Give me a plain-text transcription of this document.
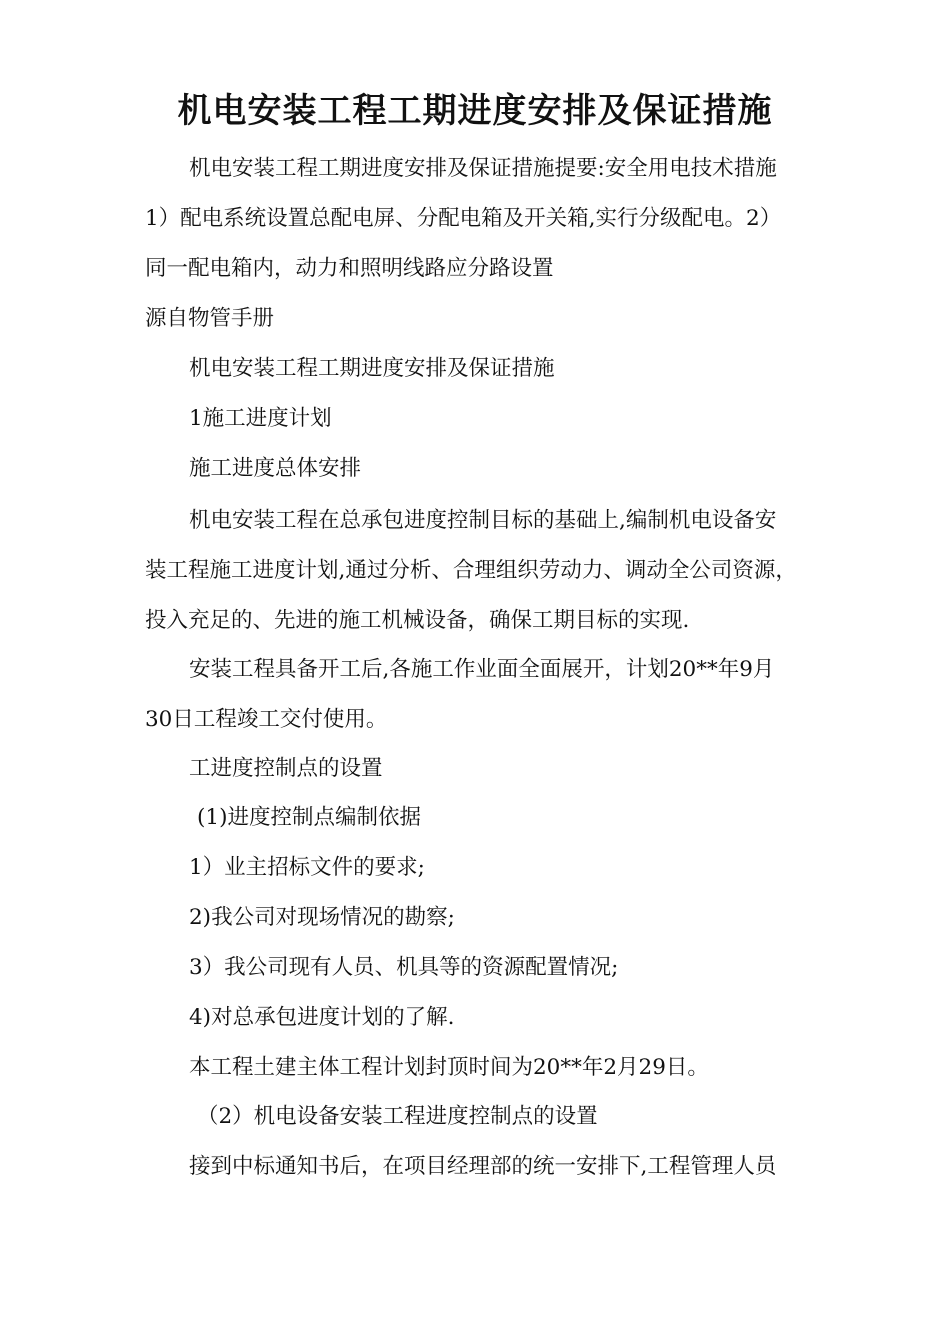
机电安装工程工期进度安排及保证措施

机电安装工程工期进度安排及保证措施提要:安全用电技术措施

1）配电系统设置总配电屏、分配电箱及开关箱,实行分级配电。2）

同一配电箱内，动力和照明线路应分路设置

源自物管手册

机电安装工程工期进度安排及保证措施

1施工进度计划

施工进度总体安排

机电安装工程在总承包进度控制目标的基础上,编制机电设备安

装工程施工进度计划,通过分析、合理组织劳动力、调动全公司资源，

投入充足的、先进的施工机械设备，确保工期目标的实现.

安装工程具备开工后,各施工作业面全面展开，计划20**年9月

30日工程竣工交付使用。

工进度控制点的设置

(1)进度控制点编制依据

1）业主招标文件的要求;

2)我公司对现场情况的勘察;

3）我公司现有人员、机具等的资源配置情况;

4)对总承包进度计划的了解.

本工程土建主体工程计划封顶时间为20**年2月29日。

（2）机电设备安装工程进度控制点的设置

接到中标通知书后，在项目经理部的统一安排下,工程管理人员
